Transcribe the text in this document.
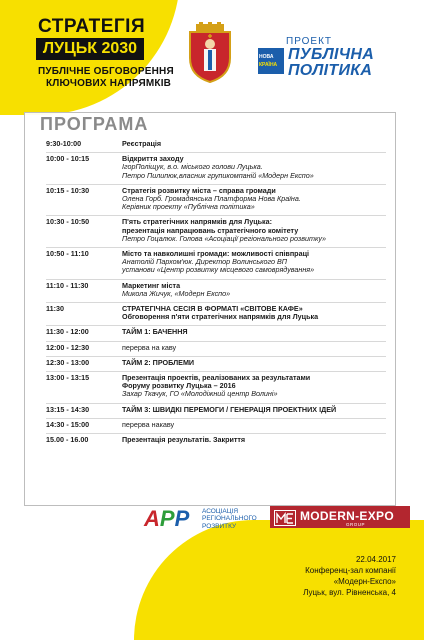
СТРАТЕГІЯ
ЛУЦЬК 2030
ПУБЛІЧНЕ ОБГОВОРЕННЯ
КЛЮЧОВИХ НАПРЯМКІВ
ПРОЕКТ
НОВА
КРАЇНА
ПУБЛІЧНА
ПОЛІТИКА
ПРОГРАМА
9:30-10:00	Реєстрація
10:00 - 10:15	Відкриття заходу
ІгорПоліщук, в.о. міського голови Луцька.
Петро Пилипюк,власник групикомпаній «Модерн Експо»
10:15 - 10:30	Стратегія розвитку міста – справа громади
Олена Горб. Громадянська Платформа Нова Країна.
Керівник проекту «Публічна політика»
10:30 - 10:50	П'ять стратегічних напрямків для Луцька:
презентація напрацювань стратегічного комітету
Петро Гоцалюк. Голова «Асоціації регіонального розвитку»
10:50 - 11:10	Місто та навколишні громади: можливості співпраці
Анатолій Пархом'юк. Директор Волинського ВП
установи «Центр розвитку місцевого самоврядування»
11:10 - 11:30	Маркетинг міста
Микола Жичук, «Модерн Експо»
11:30	СТРАТЕГІЧНА СЕСІЯ В ФОРМАТІ «СВІТОВЕ КАФЕ»
Обговорення п'яти стратегічних напрямків для Луцька
11:30 - 12:00	ТАЙМ 1: БАЧЕННЯ
12:00 - 12:30	перерва на каву
12:30 - 13:00	ТАЙМ 2: ПРОБЛЕМИ
13:00 - 13:15	Презентація проектів, реалізованих за результатами
Форуму розвитку Луцька – 2016
Захар Ткачук, ГО «Молодіжний центр Волині»
13:15 - 14:30	ТАЙМ 3: ШВИДКІ ПЕРЕМОГИ / ГЕНЕРАЦІЯ ПРОЕКТНИХ ІДЕЙ
14:30 - 15:00	перерва накаву
15.00 - 16.00	Презентація результатів. Закриття
АРР АСОЦІАЦІЯ
РЕГІОНАЛЬНОГО
РОЗВИТКУ
MODERN-EXPO
GROUP
22.04.2017
Конференц-зал компанії
«Модерн-Експо»
Луцьк, вул. Рівненська, 4
